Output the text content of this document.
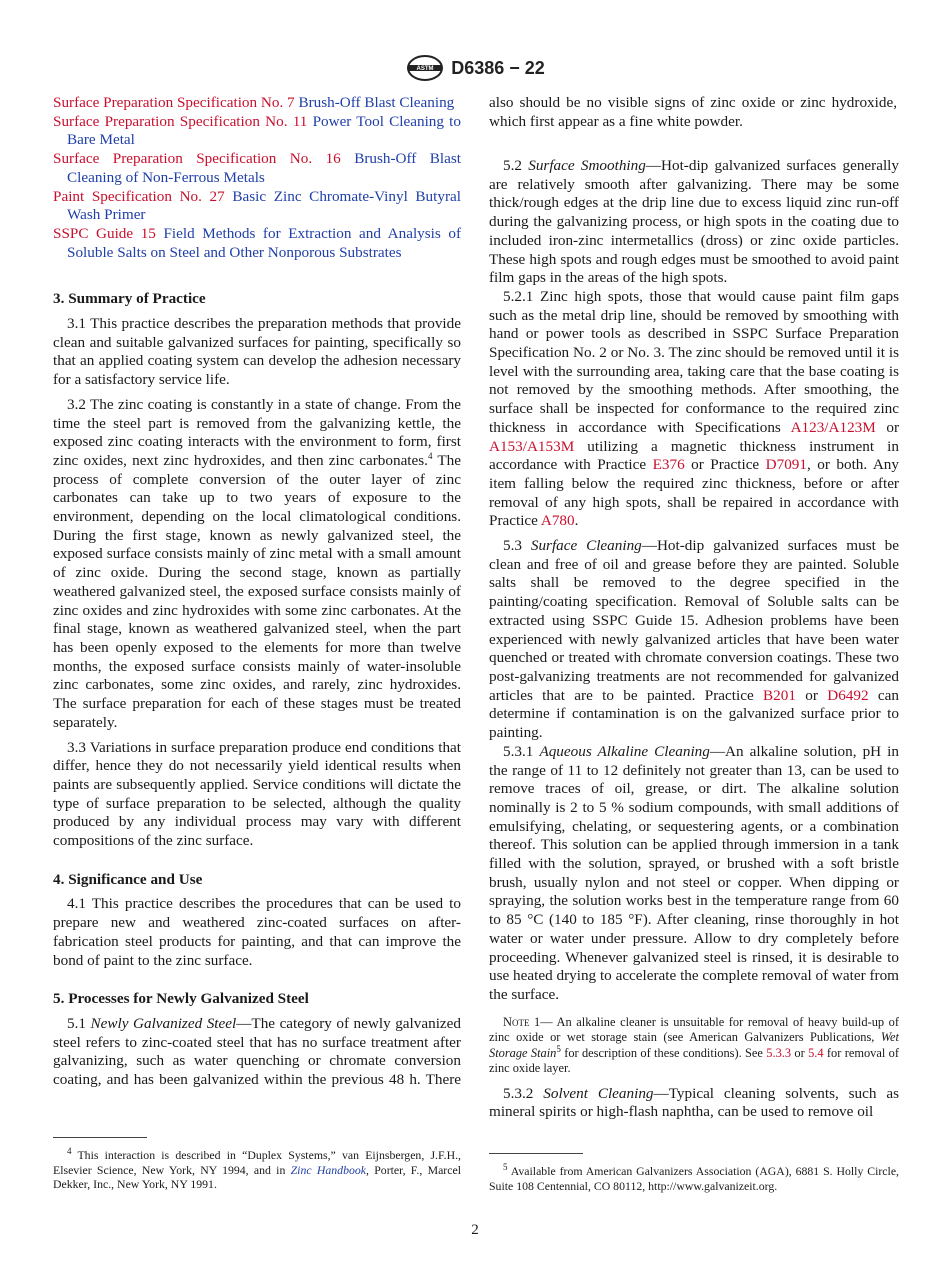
ASTM D6386 − 22
Surface Preparation Specification No. 7 Brush-Off Blast Cleaning
Surface Preparation Specification No. 11 Power Tool Cleaning to Bare Metal
Surface Preparation Specification No. 16 Brush-Off Blast Cleaning of Non-Ferrous Metals
Paint Specification No. 27 Basic Zinc Chromate-Vinyl Butyral Wash Primer
SSPC Guide 15 Field Methods for Extraction and Analysis of Soluble Salts on Steel and Other Nonporous Substrates
3. Summary of Practice

3.1 This practice describes the preparation methods that provide clean and suitable galvanized surfaces for painting, specifically so that an applied coating system can develop the adhesion necessary for a satisfactory service life.

3.2 The zinc coating is constantly in a state of change. From the time the steel part is removed from the galvanizing kettle, the exposed zinc coating interacts with the environment to form, first zinc oxides, next zinc hydroxides, and then zinc carbonates.$^4$ The process of complete conversion of the outer layer of zinc carbonates can take up to two years of exposure to the environment, depending on the local climatological conditions. During the first stage, known as newly galvanized steel, the exposed surface consists mainly of zinc metal with a small amount of zinc oxide. During the second stage, known as partially weathered galvanized steel, the exposed surface consists mainly of zinc oxides and zinc hydroxides with some zinc carbonates. At the final stage, known as weathered galvanized steel, when the part has been openly exposed to the elements for more than twelve months, the exposed surface consists mainly of water-insoluble zinc carbonates, some zinc oxides, and rarely, zinc hydroxides. The surface preparation for each of these stages must be treated separately.

3.3 Variations in surface preparation produce end conditions that differ, hence they do not necessarily yield identical results when paints are subsequently applied. Service conditions will dictate the type of surface preparation to be selected, although the quality produced by any individual process may vary with different compositions of the zinc surface.

4. Significance and Use

4.1 This practice describes the procedures that can be used to prepare new and weathered zinc-coated surfaces on after-fabrication steel products for painting, and that can improve the bond of paint to the zinc surface.

5. Processes for Newly Galvanized Steel

5.1 Newly Galvanized Steel—The category of newly galvanized steel refers to zinc-coated steel that has no surface treatment after galvanizing, such as water quenching or chromate conversion coating, and has been galvanized within the previous 48 h. There

also should be no visible signs of zinc oxide or zinc hydroxide, which first appear as a fine white powder.

5.2 Surface Smoothing—Hot-dip galvanized surfaces generally are relatively smooth after galvanizing. There may be some thick/rough edges at the drip line due to excess liquid zinc run-off during the galvanizing process, or high spots in the coating due to included iron-zinc intermetallics (dross) or zinc oxide particles. These high spots and rough edges must be smoothed to avoid paint film gaps in the areas of the high spots.

5.2.1 Zinc high spots, those that would cause paint film gaps such as the metal drip line, should be removed by smoothing with hand or power tools as described in SSPC Surface Preparation Specification No. 2 or No. 3. The zinc should be removed until it is level with the surrounding area, taking care that the base coating is not removed by the smoothing methods. After smoothing, the surface shall be inspected for conformance to the required zinc thickness in accordance with Specifications A123/A123M or A153/A153M utilizing a magnetic thickness instrument in accordance with Practice E376 or Practice D7091, or both. Any item falling below the required zinc thickness, before or after removal of any high spots, shall be repaired in accordance with Practice A780.

5.3 Surface Cleaning—Hot-dip galvanized surfaces must be clean and free of oil and grease before they are painted. Soluble salts shall be removed to the degree specified in the painting/coating specification. Removal of Soluble salts can be extracted using SSPC Guide 15. Adhesion problems have been experienced with newly galvanized articles that have been water quenched or treated with chromate conversion coatings. These two post-galvanizing treatments are not recommended for galvanized articles that are to be painted. Practice B201 or D6492 can determine if contamination is on the galvanized surface prior to painting.

5.3.1 Aqueous Alkaline Cleaning—An alkaline solution, pH in the range of 11 to 12 definitely not greater than 13, can be used to remove traces of oil, grease, or dirt. The alkaline solution nominally is 2 to 5 % sodium compounds, with small additions of emulsifying, chelating, or sequestering agents, or a combination thereof. This solution can be applied through immersion in a tank filled with the solution, sprayed, or brushed with a soft bristle brush, usually nylon and not steel or copper. When dipping or spraying, the solution works best in the temperature range from 60 to 85 °C (140 to 185 °F). After cleaning, rinse thoroughly in hot water or water under pressure. Allow to dry completely before proceeding. Whenever galvanized steel is rinsed, it is desirable to use heated drying to accelerate the complete removal of water from the surface.

Note 1— An alkaline cleaner is unsuitable for removal of heavy build-up of zinc oxide or wet storage stain (see American Galvanizers Publications, Wet Storage Stain$^5$ for description of these conditions). See 5.3.3 or 5.4 for removal of zinc oxide layer.

5.3.2 Solvent Cleaning—Typical cleaning solvents, such as mineral spirits or high-flash naphtha, can be used to remove oil

$^4$ This interaction is described in “Duplex Systems,” van Eijnsbergen, J.F.H., Elsevier Science, New York, NY 1994, and in Zinc Handbook, Porter, F., Marcel Dekker, Inc., New York, NY 1991.
$^5$ Available from American Galvanizers Association (AGA), 6881 S. Holly Circle, Suite 108 Centennial, CO 80112, http://www.galvanizeit.org.
2
